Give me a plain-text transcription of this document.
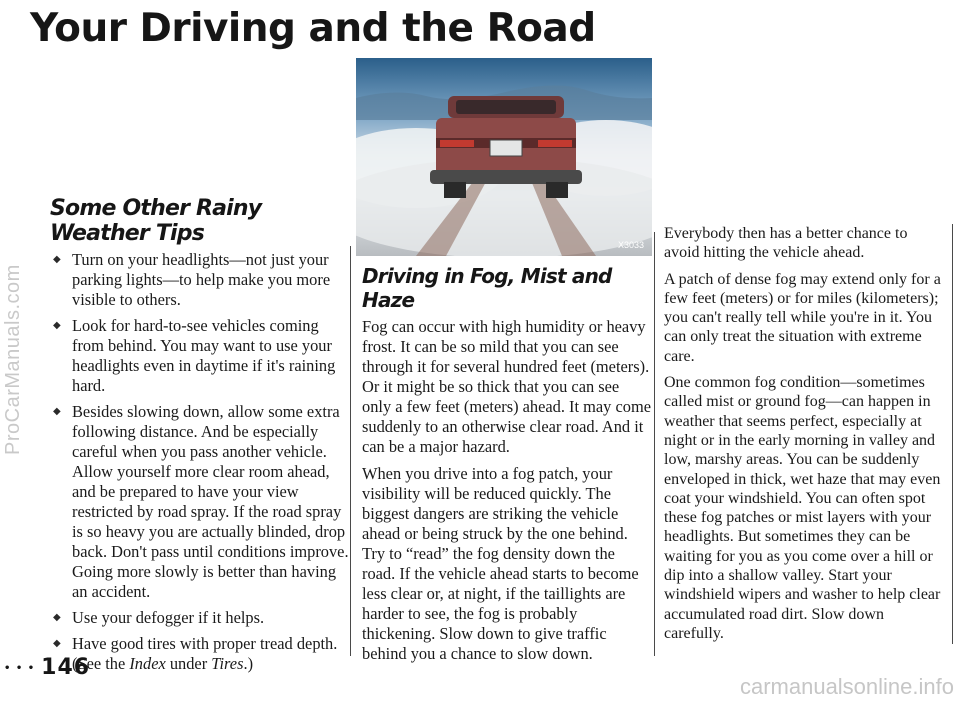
ProCarManuals.com
Your Driving and the Road
X3033
Some Other Rainy Weather Tips
◆ Turn on your headlights—not just your parking lights—to help make you more visible to others.
◆ Look for hard-to-see vehicles coming from behind. You may want to use your headlights even in daytime if it's raining hard.
◆ Besides slowing down, allow some extra following distance. And be especially careful when you pass another vehicle. Allow yourself more clear room ahead, and be prepared to have your view restricted by road spray. If the road spray is so heavy you are actually blinded, drop back. Don't pass until conditions improve. Going more slowly is better than having an accident.
◆ Use your defogger if it helps.
◆ Have good tires with proper tread depth. (See the Index under Tires.)
Driving in Fog, Mist and Haze

Fog can occur with high humidity or heavy frost. It can be so mild that you can see through it for several hundred feet (meters). Or it might be so thick that you can see only a few feet (meters) ahead. It may come suddenly to an otherwise clear road. And it can be a major hazard.

When you drive into a fog patch, your visibility will be reduced quickly. The biggest dangers are striking the vehicle ahead or being struck by the one behind. Try to “read” the fog density down the road. If the vehicle ahead starts to become less clear or, at night, if the taillights are harder to see, the fog is probably thickening. Slow down to give traffic behind you a chance to slow down.

Everybody then has a better chance to avoid hitting the vehicle ahead.

A patch of dense fog may extend only for a few feet (meters) or for miles (kilometers); you can't really tell while you're in it. You can only treat the situation with extreme care.

One common fog condition—sometimes called mist or ground fog—can happen in weather that seems perfect, especially at night or in the early morning in valley and low, marshy areas. You can be suddenly enveloped in thick, wet haze that may even coat your windshield. You can often spot these fog patches or mist layers with your headlights. But sometimes they can be waiting for you as you come over a hill or dip into a shallow valley. Start your windshield wipers and washer to help clear accumulated road dirt. Slow down carefully.

• • • 146
carmanualsonline.info
